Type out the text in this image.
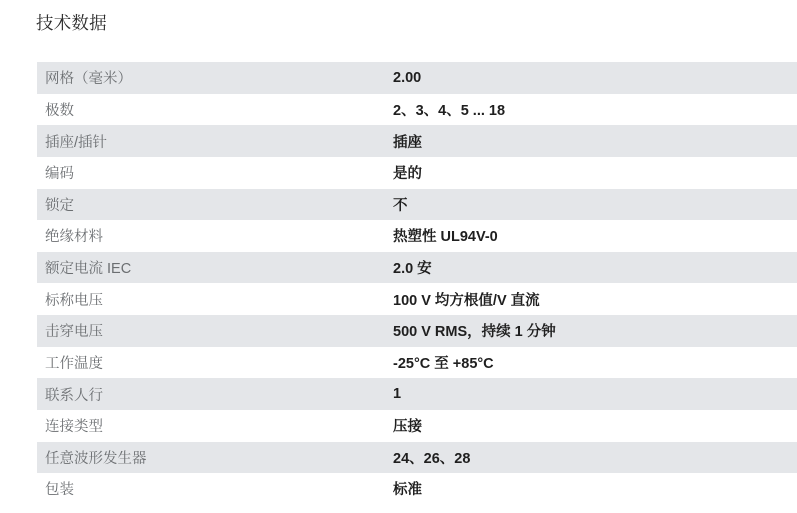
技术数据
网格（毫米）	2.00
极数	2、3、4、5 ... 18
插座/插针	插座
编码	是的
锁定	不
绝缘材料	热塑性 UL94V-0
额定电流 IEC	2.0 安
标称电压	100 V 均方根值/V 直流
击穿电压	500 V RMS，持续 1 分钟
工作温度	-25°C 至 +85°C
联系人行	1
连接类型	压接
任意波形发生器	24、26、28
包装	标准
